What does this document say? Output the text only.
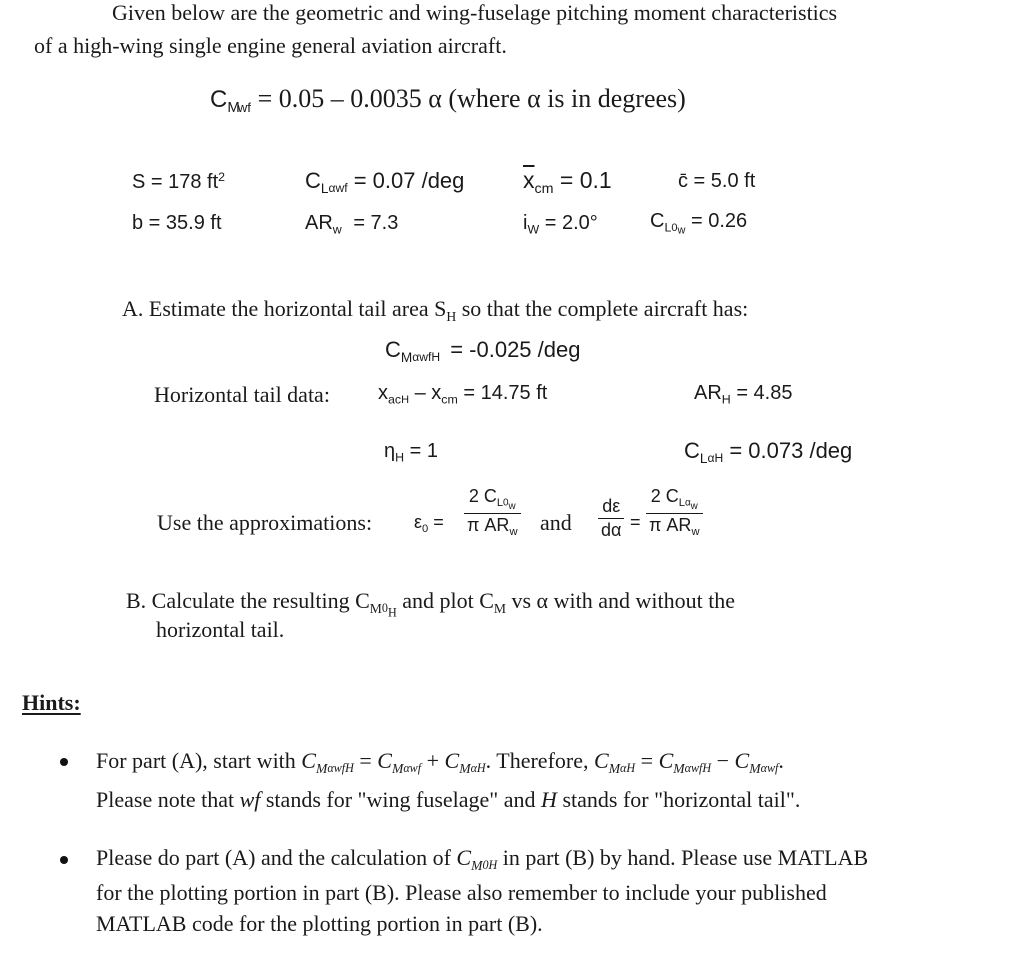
Given below are the geometric and wing-fuselage pitching moment characteristics
of a high-wing single engine general aviation aircraft.
$C_Mwf = 0.05 - 0.0035$ α (where α is in degrees)
S = 178 $ft^2$
b = 35.9 ft
$C_L\alpha wf = 0.07$ /deg
$AR_w = 7.3$
$\overline{x}_{cm} = 0.1$
$i_W = 2.0^\circ$
c̄ = 5.0 ft
$C_L0_w = 0.26$
A. Estimate the horizontal tail area $S_H$ so that the complete aircraft has:
$C_M\alpha wfH = -0.025$ /deg
Horizontal tail data: $x_{ac}H - x_{cm} = 14.75$ ft	$AR_H = 4.85$
$\eta_H = 1$	$C_L\alpha H = 0.073$ /deg
Use the approximations: $\varepsilon_0 = \frac{2 C_L0_w}{\pi AR_w}$ and $\frac{d\varepsilon}{d\alpha} = \frac{2 C_L\alpha_w}{\pi AR_w}$
B. Calculate the resulting $C_M0_H$ and plot $C_M$ vs α with and without the
horizontal tail.
Hints:
For part (A), start with $C_M\alpha wfH = C_M\alpha wf + C_M\alpha H$. Therefore, $C_M\alpha H = C_M\alpha wfH - C_M\alpha wf$.
Please note that wf stands for "wing fuselage" and H stands for "horizontal tail".
Please do part (A) and the calculation of $C_M0H$ in part (B) by hand. Please use MATLAB
for the plotting portion in part (B). Please also remember to include your published
MATLAB code for the plotting portion in part (B).
